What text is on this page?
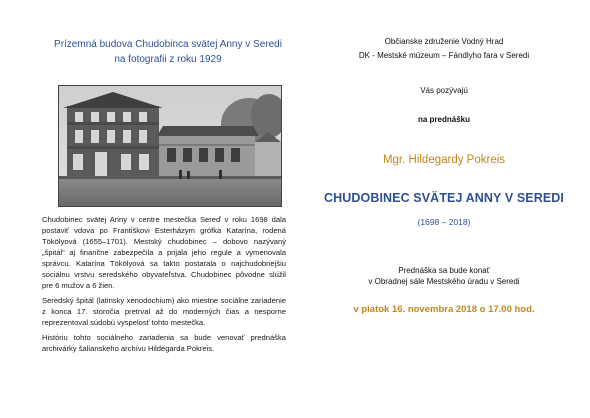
Prízemná budova Chudobinca svätej Anny v Seredi
na fotografii z roku 1929

Chudobinec svätej Anny v centre mestečka Sereď v roku 1698 dala postaviť vdova po Františkovi Esterházym grófka Katarína, rodená Tökölyová (1655–1701). Mestský chudobinec – dobovo nazývaný „špitál“ aj finančne zabezpečila a prijala jeho regule a vymenovala správcu. Katarína Tökölyová sa takto postarala o najchudobnejšiu sociálnu vrstvu seredského obyvateľstva. Chudobinec pôvodne slúžil pre 6 mužov a 6 žien.

Seredský špitál (latinsky xenodochium) ako miestne sociálne zariadenie z konca 17. storočia pretrval až do moderných čias a nesporne reprezentoval súdobú vyspelosť tohto mestečka.

Históriu tohto sociálneho zariadenia sa bude venovať prednáška archivárky šalianskeho archívu Hildegarda Pokreis.

Občianske združenie Vodný Hrad
DK - Mestské múzeum – Fándlyho fara v Seredi
Vás pozývajú
na prednášku
Mgr. Hildegardy Pokreis
CHUDOBINEC SVÄTEJ ANNY V SEREDI
(1698 – 2018)
Prednáška sa bude konať
v Obradnej sále Mestského úradu v Seredi
v piatok 16. novembra 2018 o 17.00 hod.
